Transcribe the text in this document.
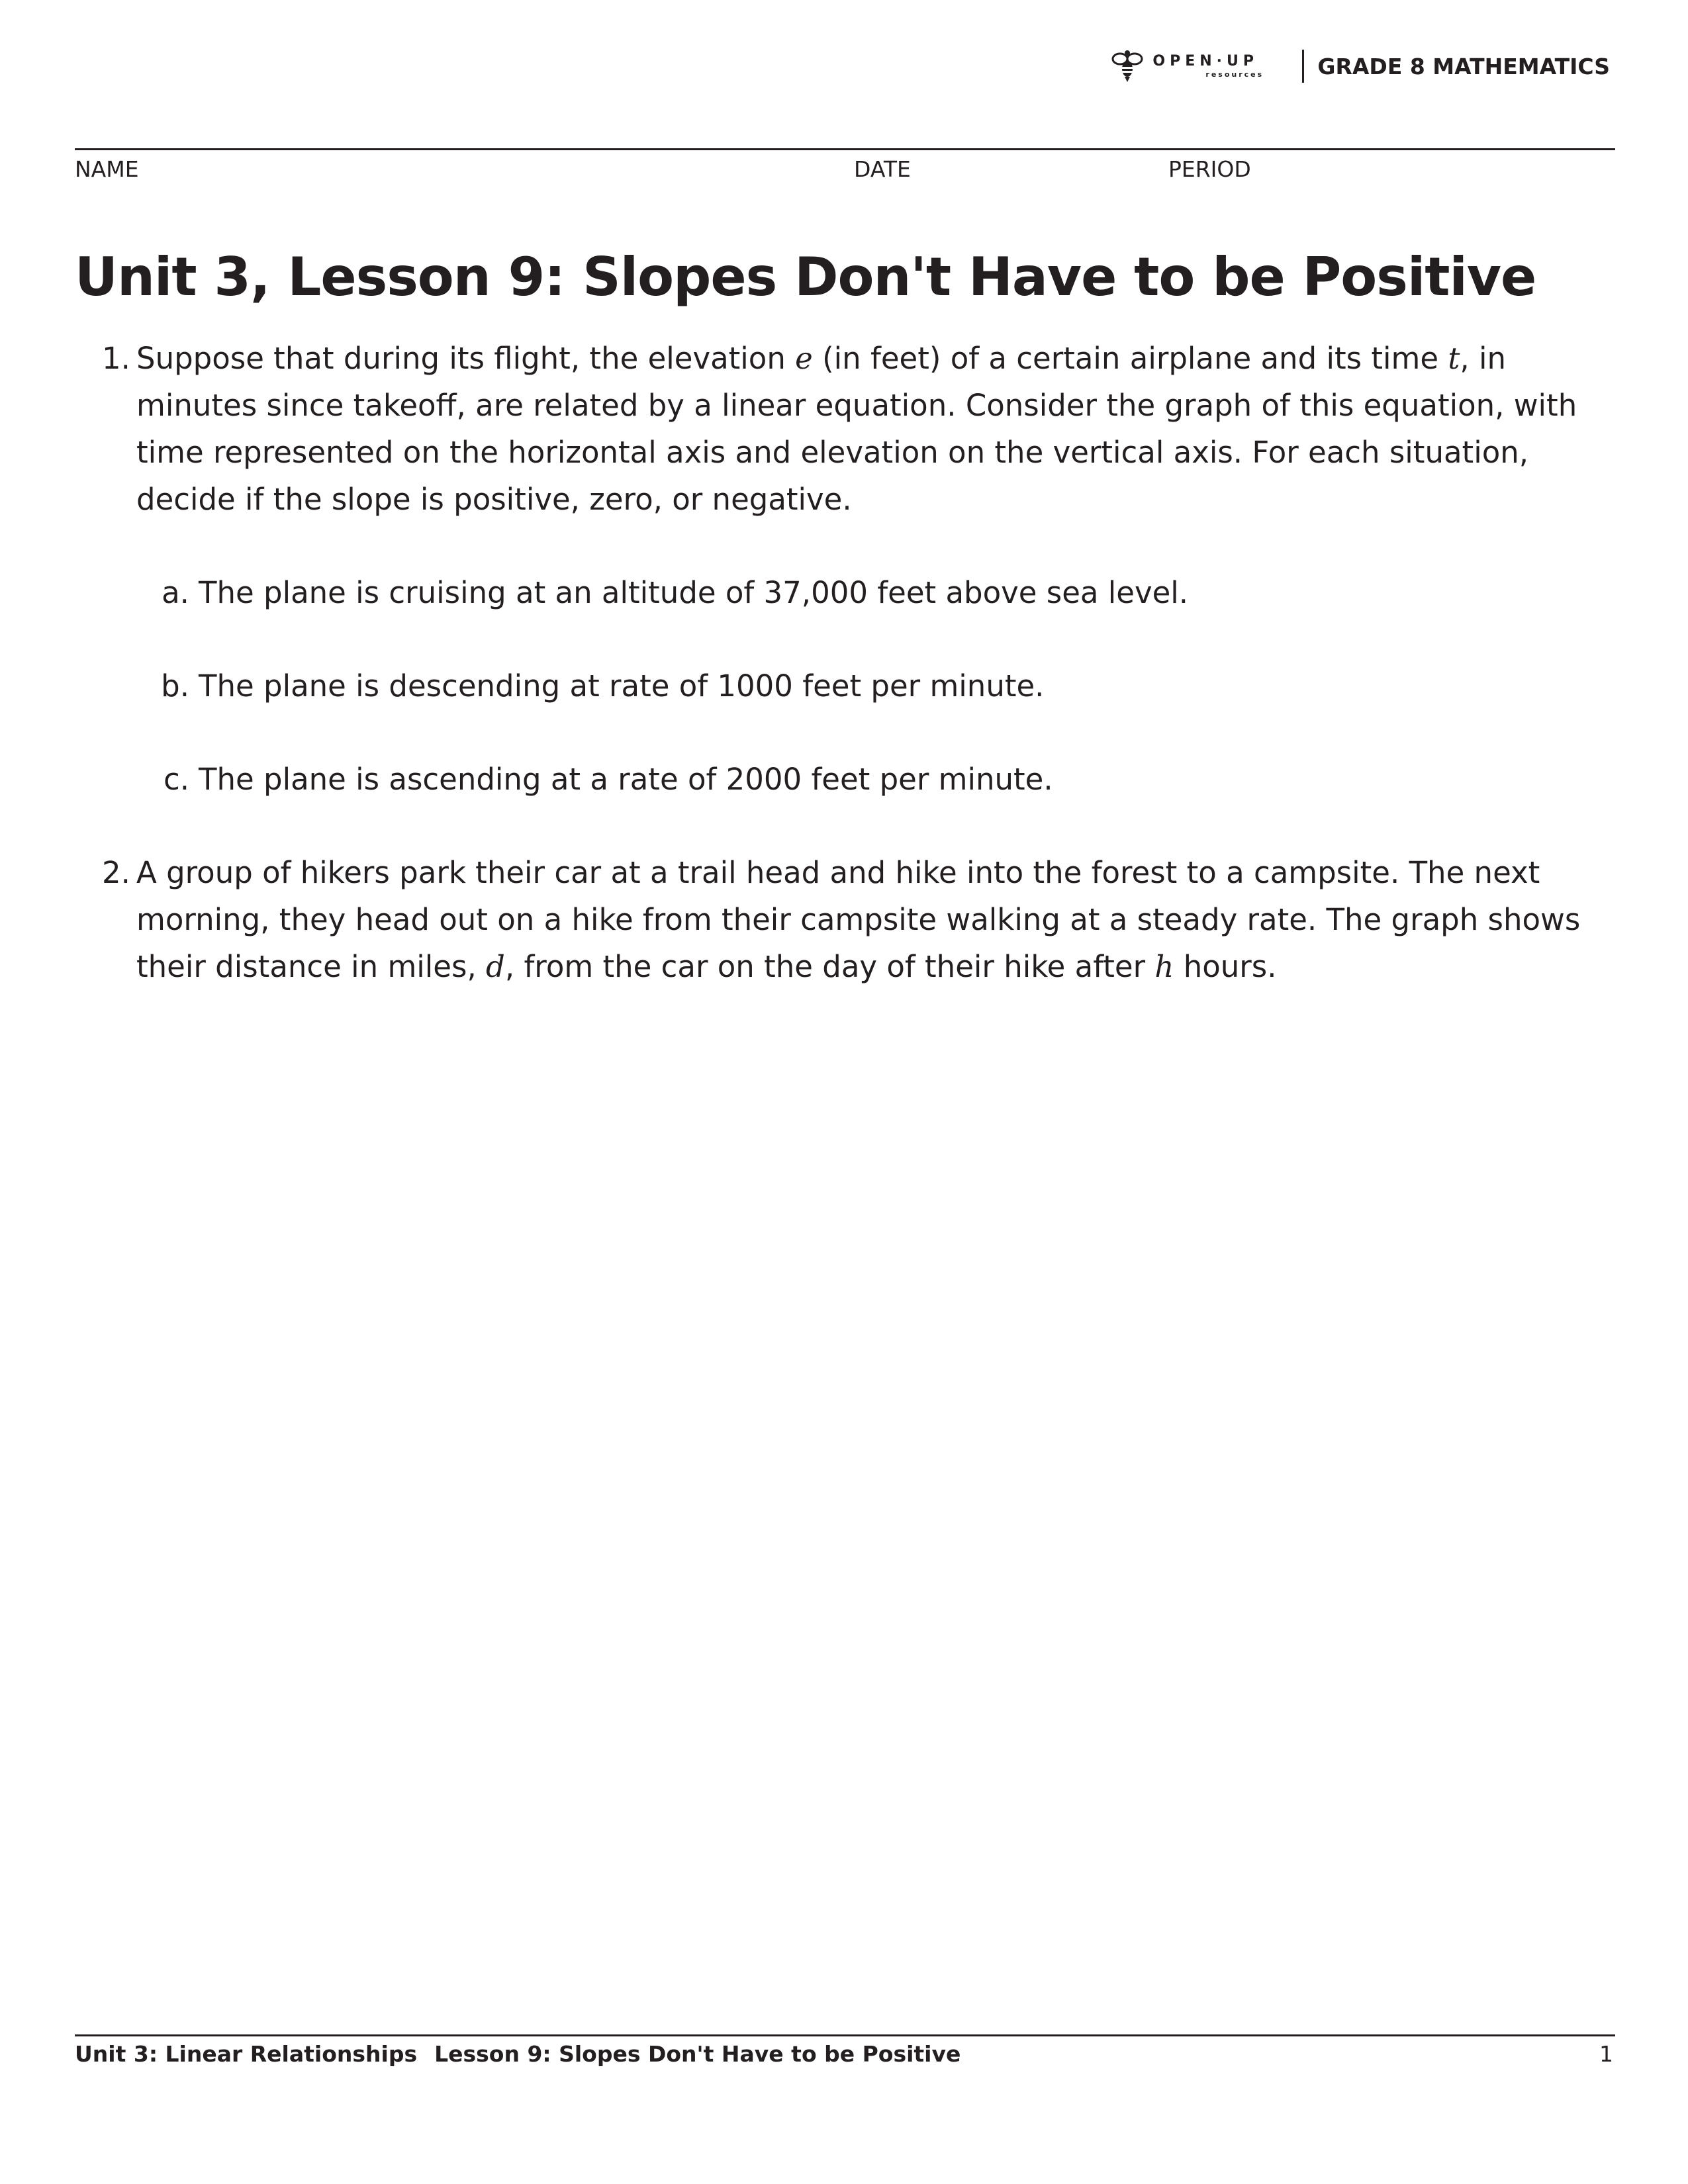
OPEN·UP
resources	GRADE 8 MATHEMATICS
NAME	DATE	PERIOD
Unit 3, Lesson 9: Slopes Don't Have to be Positive
1. Suppose that during its flight, the elevation e (in feet) of a certain airplane and its time t, in minutes since takeoff, are related by a linear equation. Consider the graph of this equation, with time represented on the horizontal axis and elevation on the vertical axis. For each situation, decide if the slope is positive, zero, or negative.
a. The plane is cruising at an altitude of 37,000 feet above sea level.
b. The plane is descending at rate of 1000 feet per minute.
c. The plane is ascending at a rate of 2000 feet per minute.
2. A group of hikers park their car at a trail head and hike into the forest to a campsite. The next morning, they head out on a hike from their campsite walking at a steady rate. The graph shows their distance in miles, d, from the car on the day of their hike after h hours.
Unit 3: Linear Relationships Lesson 9: Slopes Don't Have to be Positive	1
